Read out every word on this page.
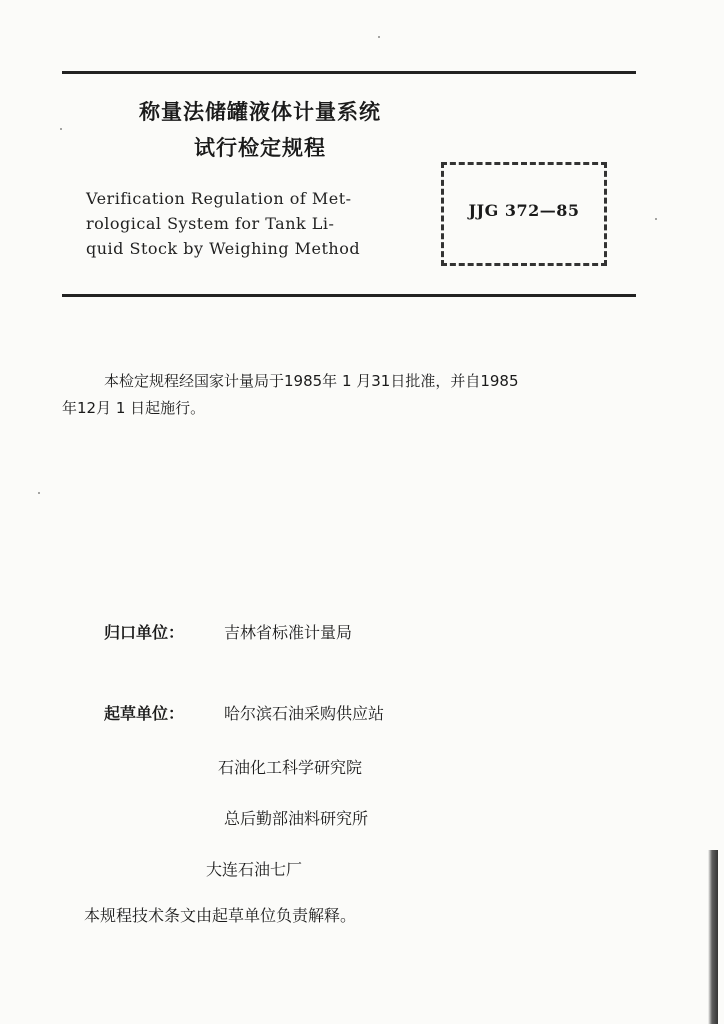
称量法储罐液体计量系统
试行检定规程
Verification Regulation of Met-
rological System for Tank Li-
quid Stock by Weighing Method
JJG 372—85
本检定规程经国家计量局于1985年 1 月31日批准，并自1985
年12月 1 日起施行。
归口单位： 吉林省标准计量局
起草单位： 哈尔滨石油采购供应站
石油化工科学研究院
总后勤部油料研究所
大连石油七厂
本规程技术条文由起草单位负责解释。
